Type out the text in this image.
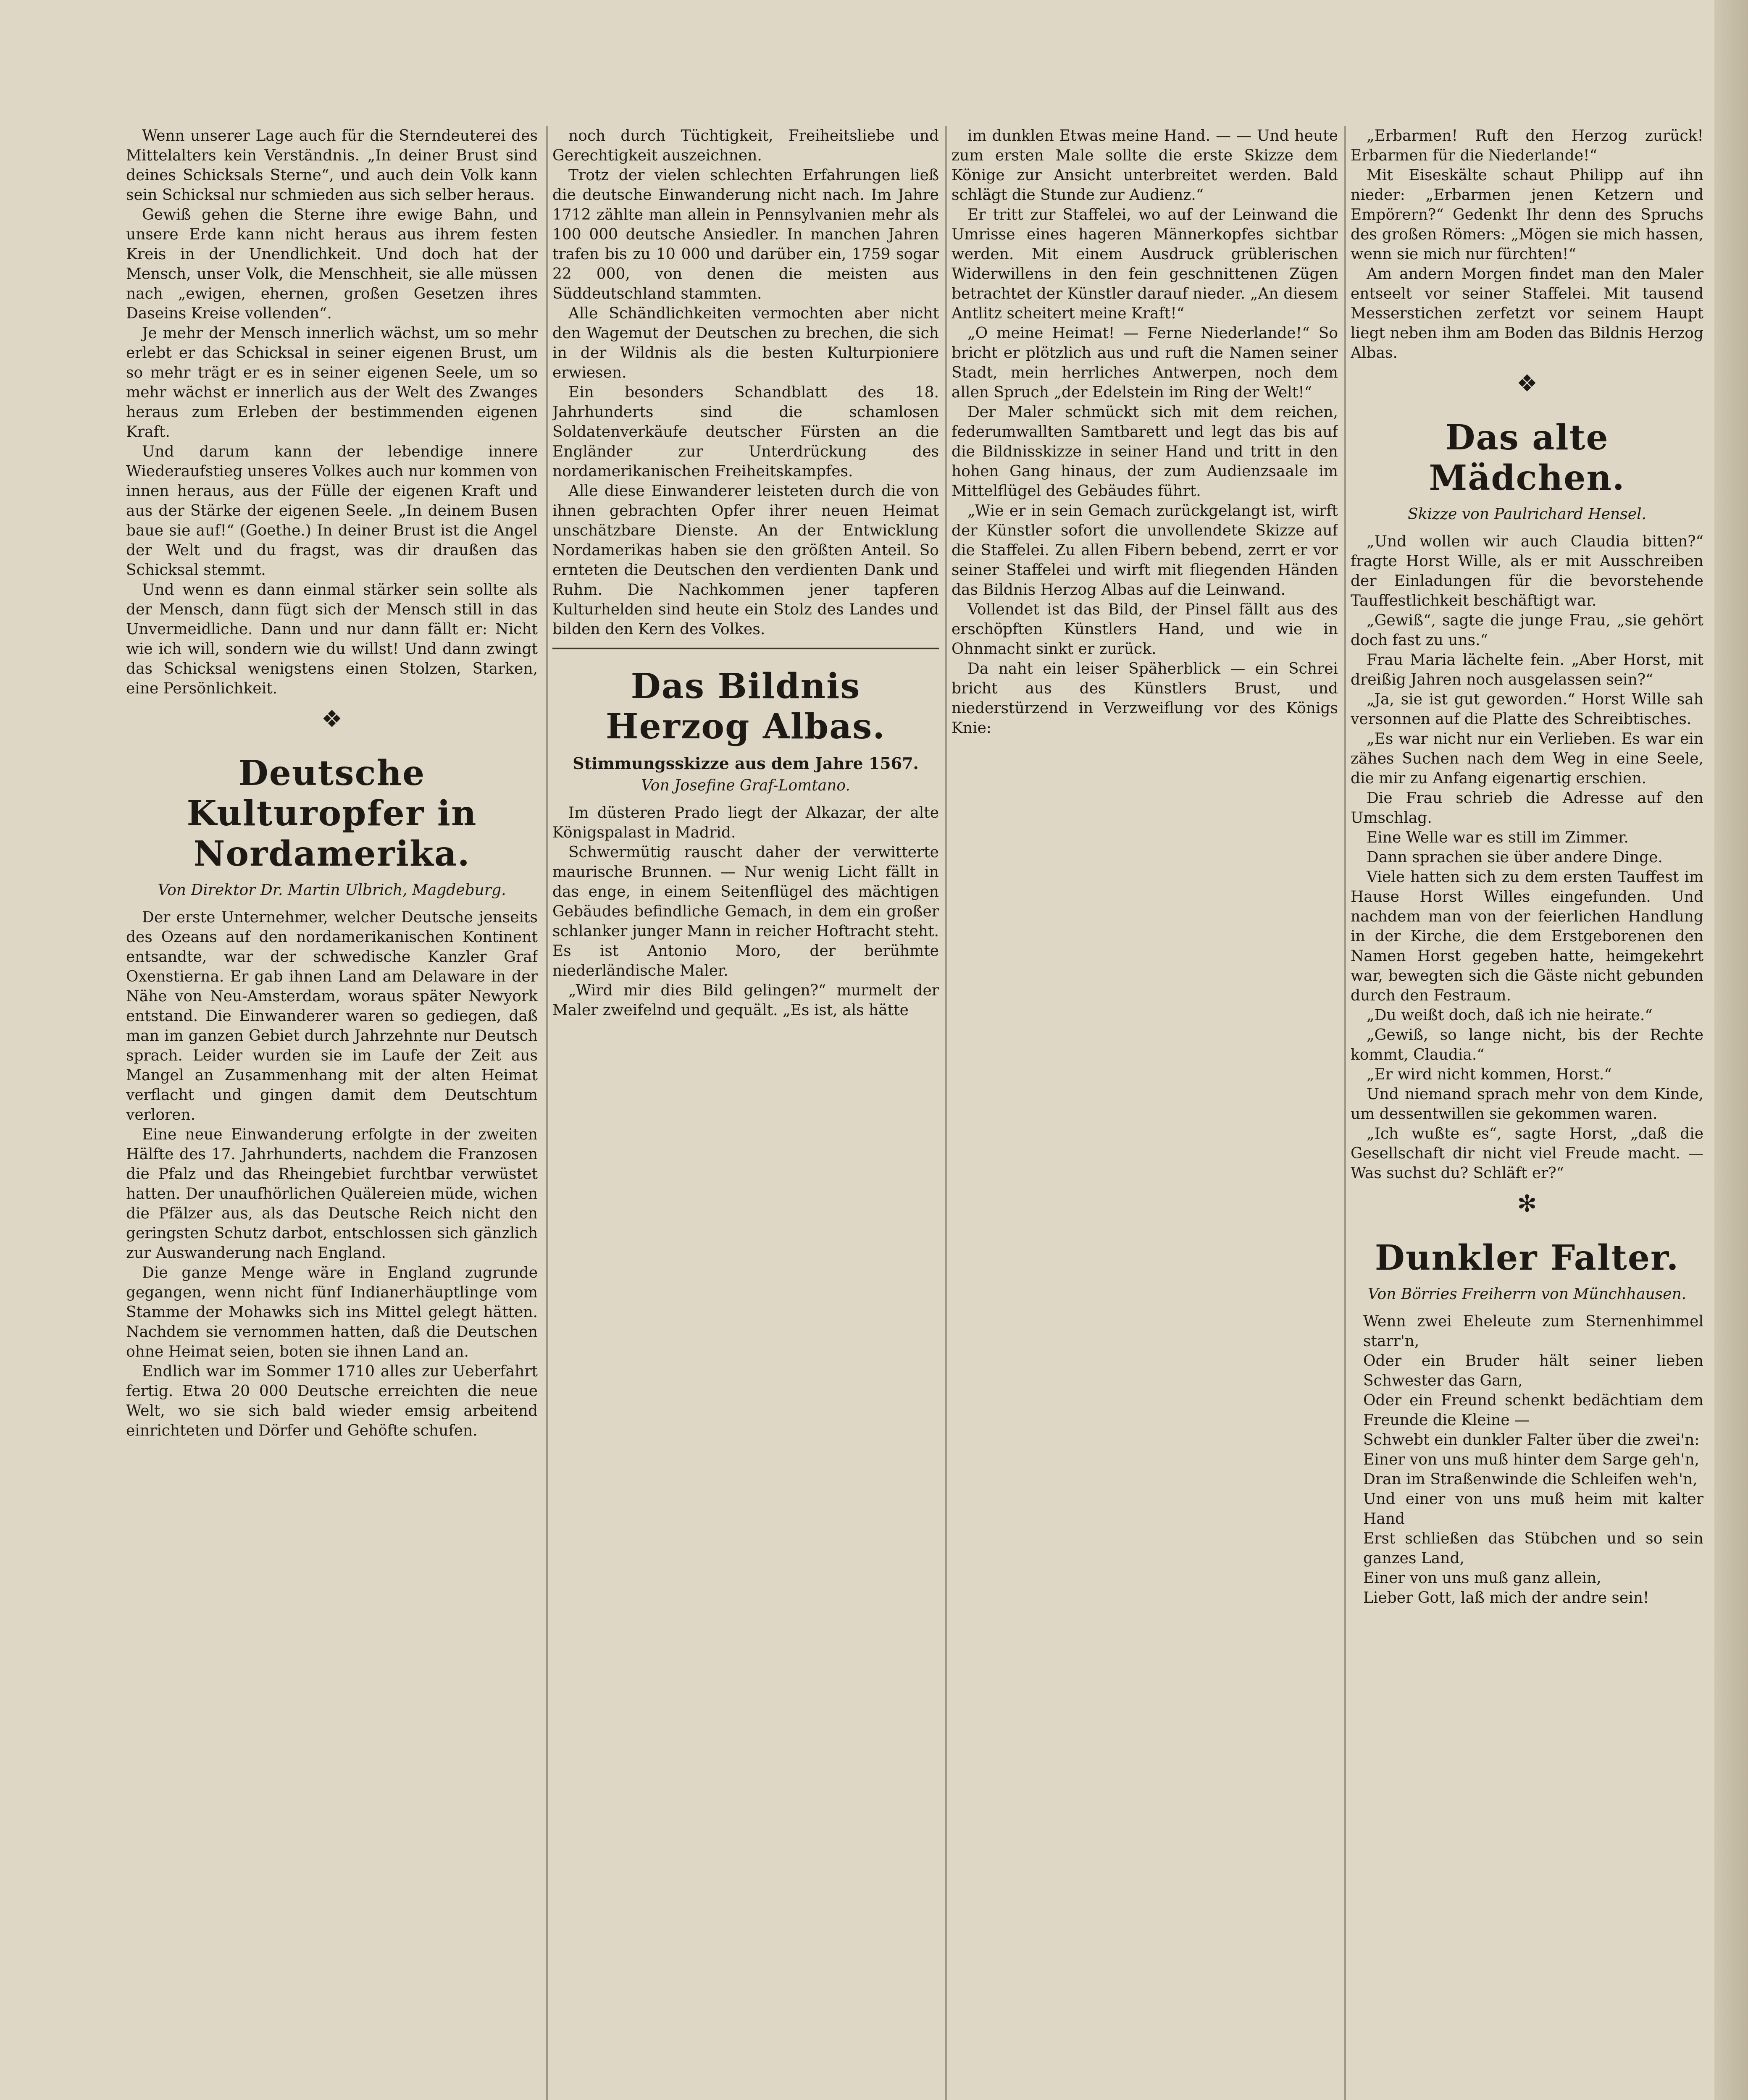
Wenn unserer Lage auch für die Sterndeuterei des Mittelalters kein Verständnis. „In deiner Brust sind deines Schicksals Sterne“, und auch dein Volk kann sein Schicksal nur schmieden aus sich selber heraus.

Gewiß gehen die Sterne ihre ewige Bahn, und unsere Erde kann nicht heraus aus ihrem festen Kreis in der Unendlichkeit. Und doch hat der Mensch, unser Volk, die Menschheit, sie alle müssen nach „ewigen, ehernen, großen Gesetzen ihres Daseins Kreise vollenden“.

Je mehr der Mensch innerlich wächst, um so mehr erlebt er das Schicksal in seiner eigenen Brust, um so mehr trägt er es in seiner eigenen Seele, um so mehr wächst er innerlich aus der Welt des Zwanges heraus zum Erleben der bestimmenden eigenen Kraft.

Und darum kann der lebendige innere Wiederaufstieg unseres Volkes auch nur kommen von innen heraus, aus der Fülle der eigenen Kraft und aus der Stärke der eigenen Seele. „In deinem Busen baue sie auf!“ (Goethe.) In deiner Brust ist die Angel der Welt und du fragst, was dir draußen das Schicksal stemmt.

Und wenn es dann einmal stärker sein sollte als der Mensch, dann fügt sich der Mensch still in das Unvermeidliche. Dann und nur dann fällt er: Nicht wie ich will, sondern wie du willst! Und dann zwingt das Schicksal wenigstens einen Stolzen, Starken, eine Persönlichkeit.

❖
Deutsche Kulturopfer in Nordamerika.
Von Direktor Dr. Martin Ulbrich, Magdeburg.

Der erste Unternehmer, welcher Deutsche jenseits des Ozeans auf den nordamerikanischen Kontinent entsandte, war der schwedische Kanzler Graf Oxenstierna. Er gab ihnen Land am Delaware in der Nähe von Neu-Amsterdam, woraus später Newyork entstand. Die Einwanderer waren so gediegen, daß man im ganzen Gebiet durch Jahrzehnte nur Deutsch sprach. Leider wurden sie im Laufe der Zeit aus Mangel an Zusammenhang mit der alten Heimat verflacht und gingen damit dem Deutschtum verloren.

Eine neue Einwanderung erfolgte in der zweiten Hälfte des 17. Jahrhunderts, nachdem die Franzosen die Pfalz und das Rheingebiet furchtbar verwüstet hatten. Der unaufhörlichen Quälereien müde, wichen die Pfälzer aus, als das Deutsche Reich nicht den geringsten Schutz darbot, entschlossen sich gänzlich zur Auswanderung nach England.

Die ganze Menge wäre in England zugrunde gegangen, wenn nicht fünf Indianerhäuptlinge vom Stamme der Mohawks sich ins Mittel gelegt hätten. Nachdem sie vernommen hatten, daß die Deutschen ohne Heimat seien, boten sie ihnen Land an.

Endlich war im Sommer 1710 alles zur Ueberfahrt fertig. Etwa 20 000 Deutsche erreichten die neue Welt, wo sie sich bald wieder emsig arbeitend einrichteten und Dörfer und Gehöfte schufen.

noch durch Tüchtigkeit, Freiheitsliebe und Gerechtigkeit auszeichnen.

Trotz der vielen schlechten Erfahrungen ließ die deutsche Einwanderung nicht nach. Im Jahre 1712 zählte man allein in Pennsylvanien mehr als 100 000 deutsche Ansiedler. In manchen Jahren trafen bis zu 10 000 und darüber ein, 1759 sogar 22 000, von denen die meisten aus Süddeutschland stammten.

Alle Schändlichkeiten vermochten aber nicht den Wagemut der Deutschen zu brechen, die sich in der Wildnis als die besten Kulturpioniere erwiesen.

Ein besonders Schandblatt des 18. Jahrhunderts sind die schamlosen Soldatenverkäufe deutscher Fürsten an die Engländer zur Unterdrückung des nordamerikanischen Freiheitskampfes.

Alle diese Einwanderer leisteten durch die von ihnen gebrachten Opfer ihrer neuen Heimat unschätzbare Dienste. An der Entwicklung Nordamerikas haben sie den größten Anteil. So ernteten die Deutschen den verdienten Dank und Ruhm. Die Nachkommen jener tapferen Kulturhelden sind heute ein Stolz des Landes und bilden den Kern des Volkes.

Das Bildnis Herzog Albas.
Stimmungsskizze aus dem Jahre 1567.
Von Josefine Graf-Lomtano.

Im düsteren Prado liegt der Alkazar, der alte Königspalast in Madrid.

Schwermütig rauscht daher der verwitterte maurische Brunnen. — Nur wenig Licht fällt in das enge, in einem Seitenflügel des mächtigen Gebäudes befindliche Gemach, in dem ein großer schlanker junger Mann in reicher Hoftracht steht. Es ist Antonio Moro, der berühmte niederländische Maler.

„Wird mir dies Bild gelingen?“ murmelt der Maler zweifelnd und gequält. „Es ist, als hätte

im dunklen Etwas meine Hand. — — Und heute zum ersten Male sollte die erste Skizze dem Könige zur Ansicht unterbreitet werden. Bald schlägt die Stunde zur Audienz.“

Er tritt zur Staffelei, wo auf der Leinwand die Umrisse eines hageren Männerkopfes sichtbar werden. Mit einem Ausdruck grüblerischen Widerwillens in den fein geschnittenen Zügen betrachtet der Künstler darauf nieder. „An diesem Antlitz scheitert meine Kraft!“

„O meine Heimat! — Ferne Niederlande!“ So bricht er plötzlich aus und ruft die Namen seiner Stadt, mein herrliches Antwerpen, noch dem allen Spruch „der Edelstein im Ring der Welt!“

Der Maler schmückt sich mit dem reichen, federumwallten Samtbarett und legt das bis auf die Bildnisskizze in seiner Hand und tritt in den hohen Gang hinaus, der zum Audienzsaale im Mittelflügel des Gebäudes führt.

„Wie er in sein Gemach zurückgelangt ist, wirft der Künstler sofort die unvollendete Skizze auf die Staffelei. Zu allen Fibern bebend, zerrt er vor seiner Staffelei und wirft mit fliegenden Händen das Bildnis Herzog Albas auf die Leinwand.

Vollendet ist das Bild, der Pinsel fällt aus des erschöpften Künstlers Hand, und wie in Ohnmacht sinkt er zurück.

Da naht ein leiser Späherblick — ein Schrei bricht aus des Künstlers Brust, und niederstürzend in Verzweiflung vor des Königs Knie:

„Erbarmen! Ruft den Herzog zurück! Erbarmen für die Niederlande!“

Mit Eiseskälte schaut Philipp auf ihn nieder: „Erbarmen jenen Ketzern und Empörern?“ Gedenkt Ihr denn des Spruchs des großen Römers: „Mögen sie mich hassen, wenn sie mich nur fürchten!“

Am andern Morgen findet man den Maler entseelt vor seiner Staffelei. Mit tausend Messerstichen zerfetzt vor seinem Haupt liegt neben ihm am Boden das Bildnis Herzog Albas.

❖
Das alte Mädchen.
Skizze von Paulrichard Hensel.

„Und wollen wir auch Claudia bitten?“ fragte Horst Wille, als er mit Ausschreiben der Einladungen für die bevorstehende Tauffestlichkeit beschäftigt war.

„Gewiß“, sagte die junge Frau, „sie gehört doch fast zu uns.“

Frau Maria lächelte fein. „Aber Horst, mit dreißig Jahren noch ausgelassen sein?“

„Ja, sie ist gut geworden.“ Horst Wille sah versonnen auf die Platte des Schreibtisches.

„Es war nicht nur ein Verlieben. Es war ein zähes Suchen nach dem Weg in eine Seele, die mir zu Anfang eigenartig erschien.

Die Frau schrieb die Adresse auf den Umschlag.

Eine Welle war es still im Zimmer.

Dann sprachen sie über andere Dinge.

Viele hatten sich zu dem ersten Tauffest im Hause Horst Willes eingefunden. Und nachdem man von der feierlichen Handlung in der Kirche, die dem Erstgeborenen den Namen Horst gegeben hatte, heimgekehrt war, bewegten sich die Gäste nicht gebunden durch den Festraum.

„Du weißt doch, daß ich nie heirate.“

„Gewiß, so lange nicht, bis der Rechte kommt, Claudia.“

„Er wird nicht kommen, Horst.“

Und niemand sprach mehr von dem Kinde, um dessentwillen sie gekommen waren.

„Ich wußte es“, sagte Horst, „daß die Gesellschaft dir nicht viel Freude macht. — Was suchst du? Schläft er?“

✻
Dunkler Falter.
Von Börries Freiherrn von Münchhausen.

Wenn zwei Eheleute zum Sternenhimmel starr'n,

Oder ein Bruder hält seiner lieben Schwester das Garn,

Oder ein Freund schenkt bedächtiam dem Freunde die Kleine —

Schwebt ein dunkler Falter über die zwei'n:

Einer von uns muß hinter dem Sarge geh'n,

Dran im Straßenwinde die Schleifen weh'n,

Und einer von uns muß heim mit kalter Hand

Erst schließen das Stübchen und so sein ganzes Land,

Einer von uns muß ganz allein,

Lieber Gott, laß mich der andre sein!
